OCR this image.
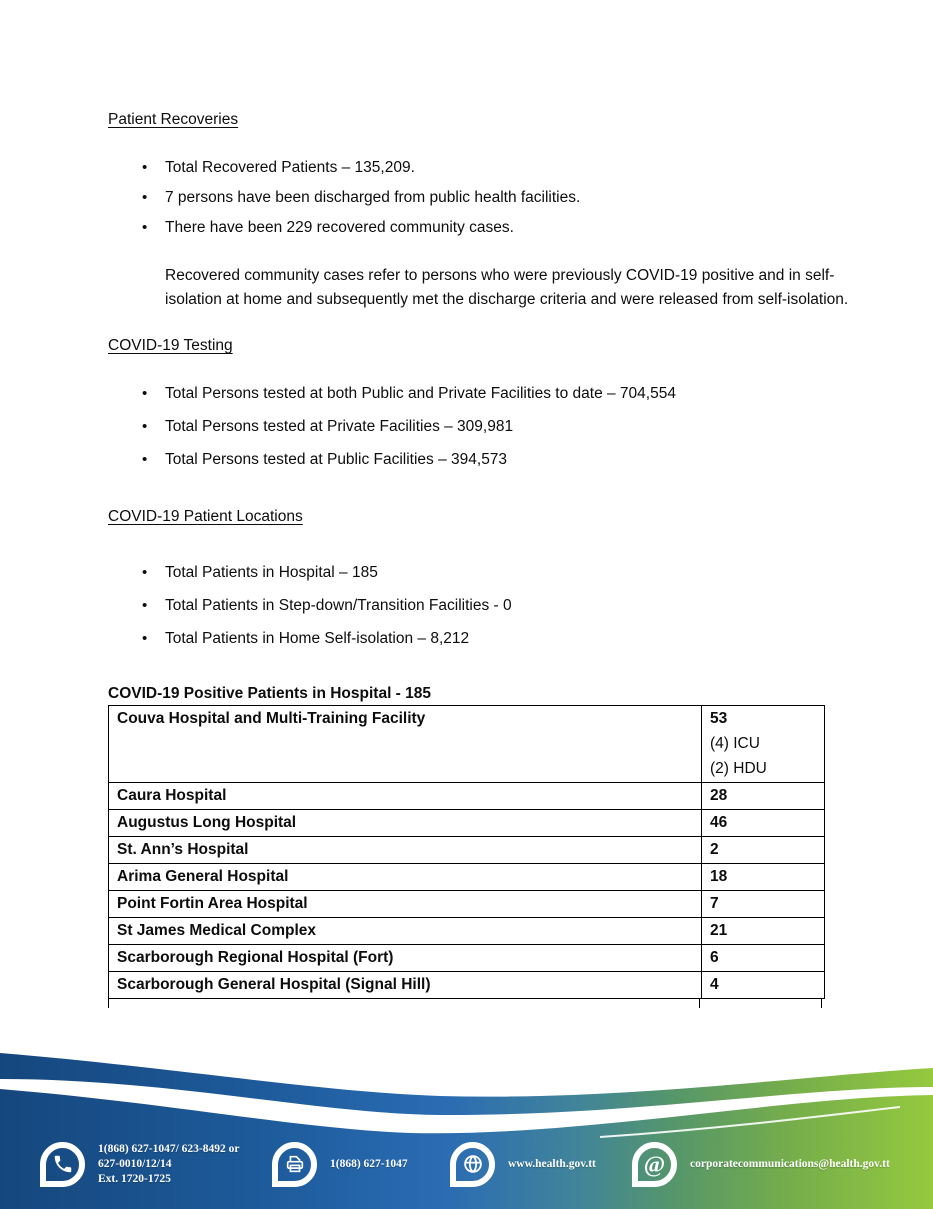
Patient Recoveries
• Total Recovered Patients – 135,209.
• 7 persons have been discharged from public health facilities.
• There have been 229 recovered community cases.

Recovered community cases refer to persons who were previously COVID-19 positive and in self-isolation at home and subsequently met the discharge criteria and were released from self-isolation.

COVID-19 Testing
• Total Persons tested at both Public and Private Facilities to date – 704,554
• Total Persons tested at Private Facilities – 309,981
• Total Persons tested at Public Facilities – 394,573
COVID-19 Patient Locations
• Total Patients in Hospital – 185
• Total Patients in Step-down/Transition Facilities - 0
• Total Patients in Home Self-isolation – 8,212
COVID-19 Positive Patients in Hospital - 185
Couva Hospital and Multi-Training Facility	53
(4) ICU
(2) HDU

Caura Hospital	28

Augustus Long Hospital	46

St. Ann’s Hospital	2

Arima General Hospital	18

Point Fortin Area Hospital	7

St James Medical Complex	21

Scarborough Regional Hospital (Fort)	6

Scarborough General Hospital (Signal Hill)	4
1(868) 627-1047/ 623-8492 or
627-0010/12/14
Ext. 1720-1725
1(868) 627-1047	www.health.gov.tt @ corporatecommunications@health.gov.tt
